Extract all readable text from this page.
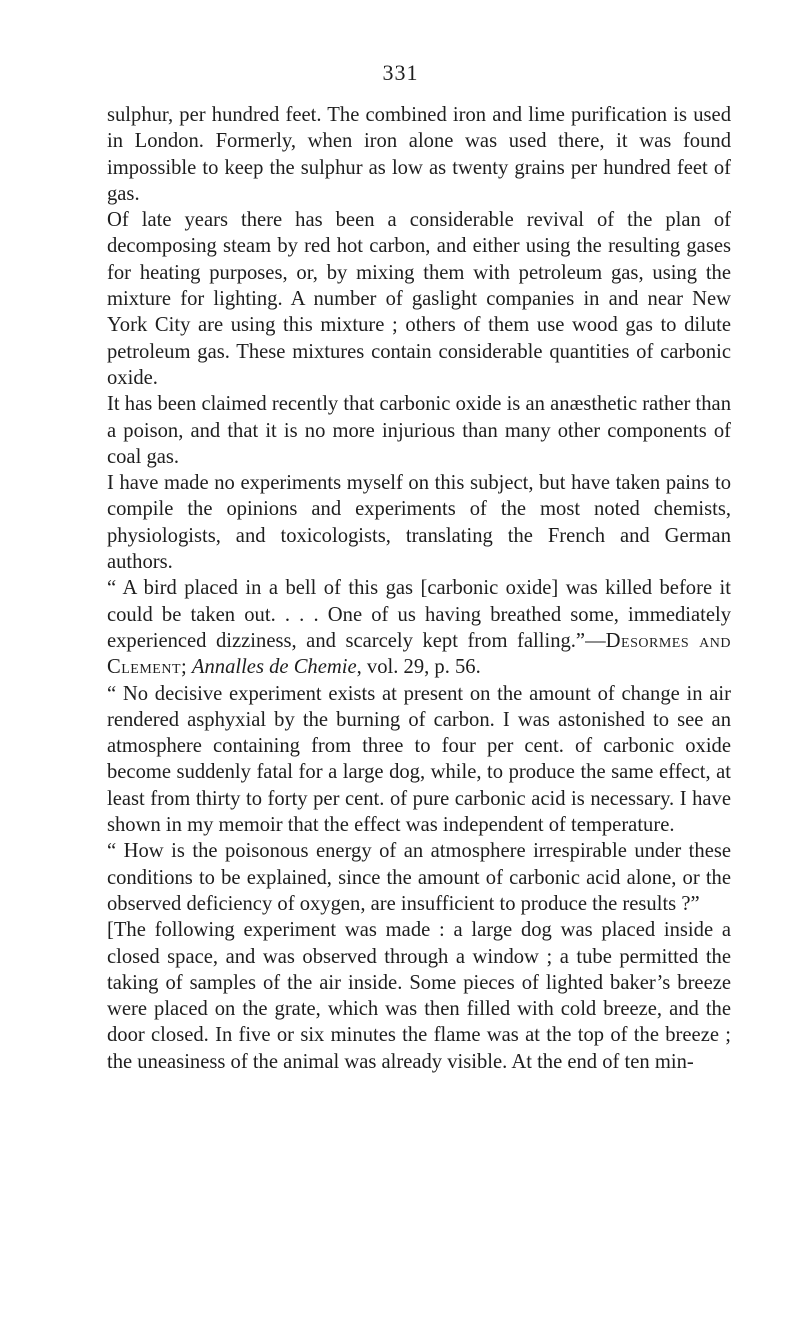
331

sulphur, per hundred feet. The combined iron and lime purification is used in London. Formerly, when iron alone was used there, it was found impossible to keep the sulphur as low as twenty grains per hundred feet of gas.

Of late years there has been a considerable revival of the plan of decomposing steam by red hot carbon, and either using the resulting gases for heating purposes, or, by mixing them with petroleum gas, using the mixture for lighting. A number of gaslight companies in and near New York City are using this mixture ; others of them use wood gas to dilute petroleum gas. These mixtures contain considerable quantities of carbonic oxide.

It has been claimed recently that carbonic oxide is an anæsthetic rather than a poison, and that it is no more injurious than many other components of coal gas.

I have made no experiments myself on this subject, but have taken pains to compile the opinions and experiments of the most noted chemists, physiologists, and toxicologists, translating the French and German authors.

“ A bird placed in a bell of this gas [carbonic oxide] was killed before it could be taken out. . . . One of us having breathed some, immediately experienced dizziness, and scarcely kept from falling.”—Desormes and Clement; Annalles de Chemie, vol. 29, p. 56.

“ No decisive experiment exists at present on the amount of change in air rendered asphyxial by the burning of carbon. I was astonished to see an atmosphere containing from three to four per cent. of carbonic oxide become suddenly fatal for a large dog, while, to produce the same effect, at least from thirty to forty per cent. of pure carbonic acid is necessary. I have shown in my memoir that the effect was independent of temperature.

“ How is the poisonous energy of an atmosphere irrespirable under these conditions to be explained, since the amount of carbonic acid alone, or the observed deficiency of oxygen, are insufficient to produce the results ?”

[The following experiment was made : a large dog was placed inside a closed space, and was observed through a window ; a tube permitted the taking of samples of the air inside. Some pieces of lighted baker’s breeze were placed on the grate, which was then filled with cold breeze, and the door closed. In five or six minutes the flame was at the top of the breeze ; the uneasiness of the animal was already visible. At the end of ten min-
